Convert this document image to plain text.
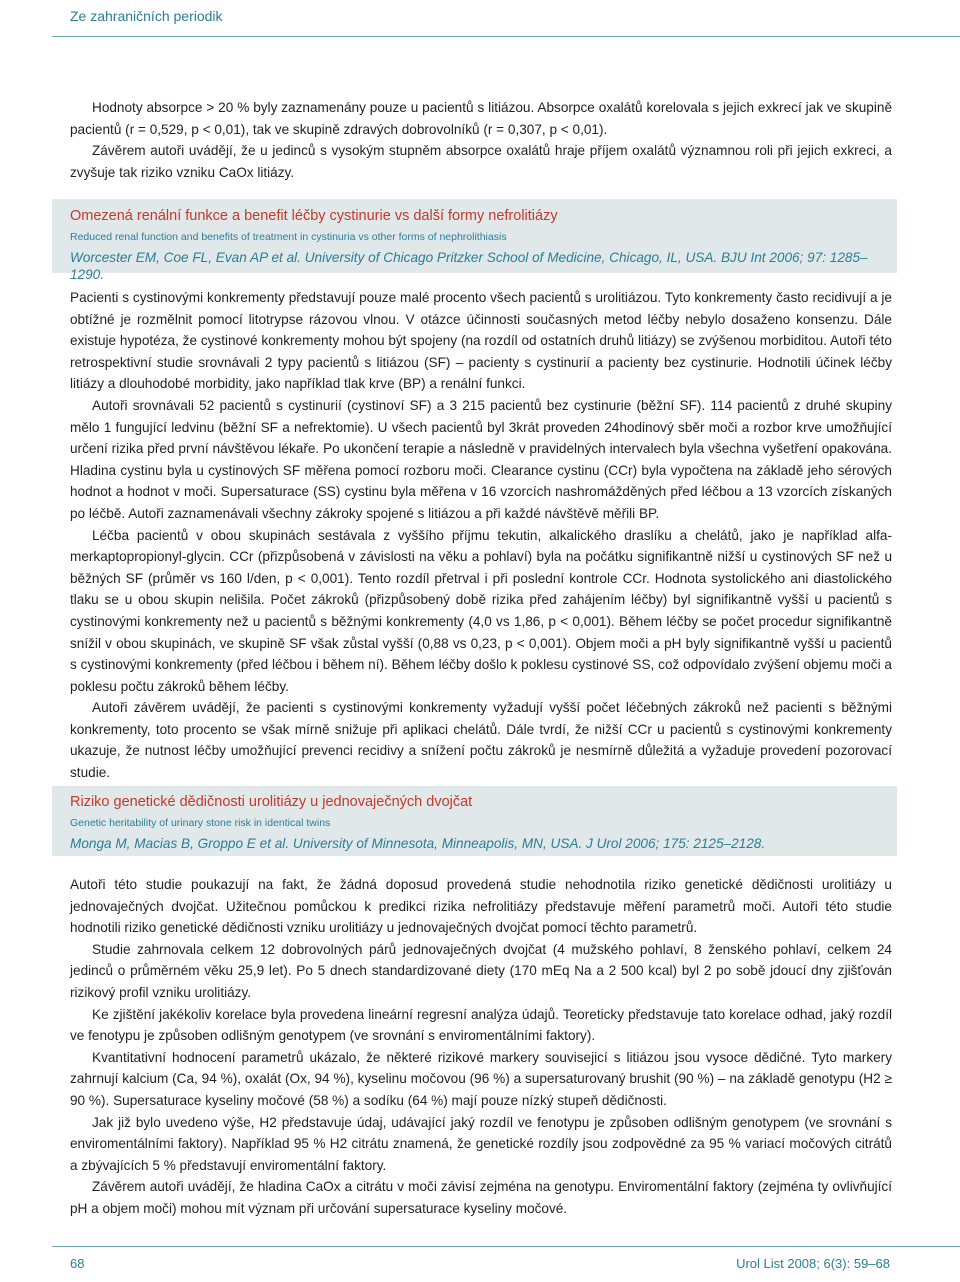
Ze zahraničních periodik

Hodnoty absorpce > 20 % byly zaznamenány pouze u pacientů s litiázou. Absorpce oxalátů korelovala s jejich exkrecí jak ve skupině pacientů (r = 0,529, p < 0,01), tak ve skupině zdravých dobrovolníků (r = 0,307, p < 0,01).

Závěrem autoři uvádějí, že u jedinců s vysokým stupněm absorpce oxalátů hraje příjem oxalátů významnou roli při jejich exkreci, a zvyšuje tak riziko vzniku CaOx litiázy.

Omezená renální funkce a benefit léčby cystinurie vs další formy nefrolitiázy
Reduced renal function and benefits of treatment in cystinuria vs other forms of nephrolithiasis
Worcester EM, Coe FL, Evan AP et al. University of Chicago Pritzker School of Medicine, Chicago, IL, USA. BJU Int 2006; 97: 1285–1290.

Pacienti s cystinovými konkrementy představují pouze malé procento všech pacientů s urolitiázou. Tyto konkrementy často recidivují a je obtížné je rozmělnit pomocí litotrypse rázovou vlnou. V otázce účinnosti současných metod léčby nebylo dosaženo konsenzu. Dále existuje hypotéza, že cystinové konkrementy mohou být spojeny (na rozdíl od ostatních druhů litiázy) se zvýšenou morbiditou. Autoři této retrospektivní studie srovnávali 2 typy pacientů s litiázou (SF) – pacienty s cystinurií a pacienty bez cystinurie. Hodnotili účinek léčby litiázy a dlouhodobé morbidity, jako například tlak krve (BP) a renální funkci.

Autoři srovnávali 52 pacientů s cystinurií (cystinoví SF) a 3 215 pacientů bez cystinurie (běžní SF). 114 pacientů z druhé skupiny mělo 1 fungující ledvinu (běžní SF a nefrektomie). U všech pacientů byl 3krát proveden 24hodinový sběr moči a rozbor krve umožňující určení rizika před první návštěvou lékaře. Po ukončení terapie a následně v pravidelných intervalech byla všechna vyšetření opakována. Hladina cystinu byla u cystinových SF měřena pomocí rozboru moči. Clearance cystinu (CCr) byla vypočtena na základě jeho sérových hodnot a hodnot v moči. Supersaturace (SS) cystinu byla měřena v 16 vzorcích nashromážděných před léčbou a 13 vzorcích získaných po léčbě. Autoři zaznamenávali všechny zákroky spojené s litiázou a při každé návštěvě měřili BP.

Léčba pacientů v obou skupinách sestávala z vyššího příjmu tekutin, alkalického draslíku a chelátů, jako je například alfa-merkaptopropionyl-glycin. CCr (přizpůsobená v závislosti na věku a pohlaví) byla na počátku signifikantně nižší u cystinových SF než u běžných SF (průměr vs 160 l/den, p < 0,001). Tento rozdíl přetrval i při poslední kontrole CCr. Hodnota systolického ani diastolického tlaku se u obou skupin nelišila. Počet zákroků (přizpůsobený době rizika před zahájením léčby) byl signifikantně vyšší u pacientů s cystinovými konkrementy než u pacientů s běžnými konkrementy (4,0 vs 1,86, p < 0,001). Během léčby se počet procedur signifikantně snížil v obou skupinách, ve skupině SF však zůstal vyšší (0,88 vs 0,23, p < 0,001). Objem moči a pH byly signifikantně vyšší u pacientů s cystinovými konkrementy (před léčbou i během ní). Během léčby došlo k poklesu cystinové SS, což odpovídalo zvýšení objemu moči a poklesu počtu zákroků během léčby.

Autoři závěrem uvádějí, že pacienti s cystinovými konkrementy vyžadují vyšší počet léčebných zákroků než pacienti s běžnými konkrementy, toto procento se však mírně snižuje při aplikaci chelátů. Dále tvrdí, že nižší CCr u pacientů s cystinovými konkrementy ukazuje, že nutnost léčby umožňující prevenci recidivy a snížení počtu zákroků je nesmírně důležitá a vyžaduje provedení pozorovací studie.

Riziko genetické dědičnosti urolitiázy u jednovaječných dvojčat
Genetic heritability of urinary stone risk in identical twins
Monga M, Macias B, Groppo E et al. University of Minnesota, Minneapolis, MN, USA. J Urol 2006; 175: 2125–2128.

Autoři této studie poukazují na fakt, že žádná doposud provedená studie nehodnotila riziko genetické dědičnosti urolitiázy u jednovaječných dvojčat. Užitečnou pomůckou k predikci rizika nefrolitiázy představuje měření parametrů moči. Autoři této studie hodnotili riziko genetické dědičnosti vzniku urolitiázy u jednovaječných dvojčat pomocí těchto parametrů.

Studie zahrnovala celkem 12 dobrovolných párů jednovaječných dvojčat (4 mužského pohlaví, 8 ženského pohlaví, celkem 24 jedinců o průměrném věku 25,9 let). Po 5 dnech standardizované diety (170 mEq Na a 2 500 kcal) byl 2 po sobě jdoucí dny zjišťován rizikový profil vzniku urolitiázy.

Ke zjištění jakékoliv korelace byla provedena lineární regresní analýza údajů. Teoreticky představuje tato korelace odhad, jaký rozdíl ve fenotypu je způsoben odlišným genotypem (ve srovnání s enviromentálními faktory).

Kvantitativní hodnocení parametrů ukázalo, že některé rizikové markery souvisejicí s litiázou jsou vysoce dědičné. Tyto markery zahrnují kalcium (Ca, 94 %), oxalát (Ox, 94 %), kyselinu močovou (96 %) a supersaturovaný brushit (90 %) – na základě genotypu (H2 ≥ 90 %). Supersaturace kyseliny močové (58 %) a sodíku (64 %) mají pouze nízký stupeň dědičnosti.

Jak již bylo uvedeno výše, H2 představuje údaj, udávající jaký rozdíl ve fenotypu je způsoben odlišným genotypem (ve srovnání s enviromentálními faktory). Například 95 % H2 citrátu znamená, že genetické rozdíly jsou zodpovědné za 95 % variací močových citrátů a zbývajících 5 % představují enviromentální faktory.

Závěrem autoři uvádějí, že hladina CaOx a citrátu v moči závisí zejména na genotypu. Enviromentální faktory (zejména ty ovlivňující pH a objem moči) mohou mít význam při určování supersaturace kyseliny močové.

68	Urol List 2008; 6(3): 59–68
